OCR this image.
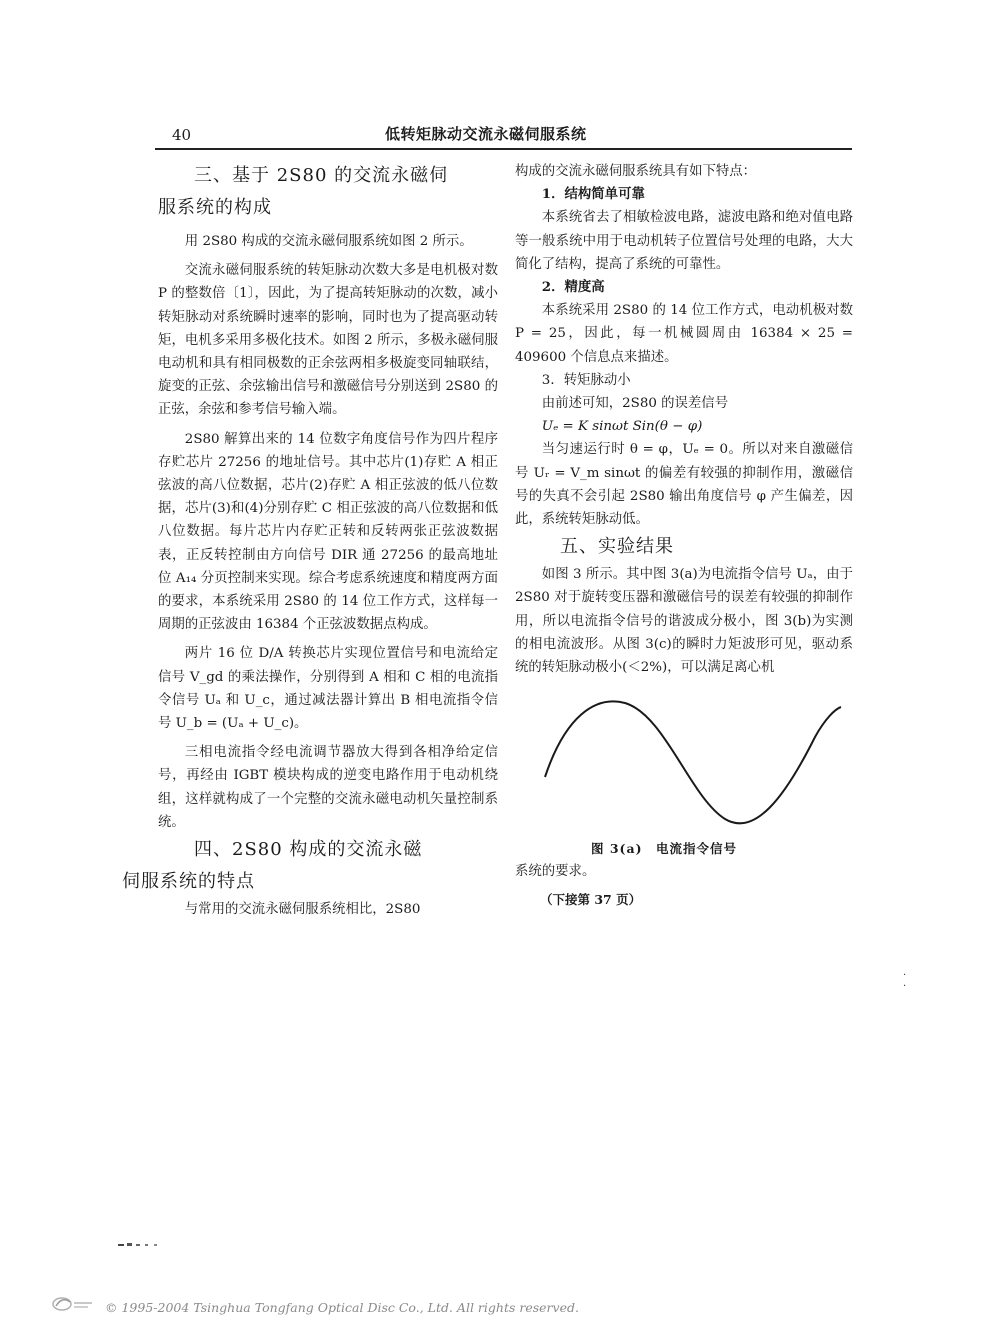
40	低转矩脉动交流永磁伺服系统

三、基于 2S80 的交流永磁伺

服系统的构成

用 2S80 构成的交流永磁伺服系统如图 2 所示。

交流永磁伺服系统的转矩脉动次数大多是电机极对数 P 的整数倍〔1〕，因此，为了提高转矩脉动的次数，减小转矩脉动对系统瞬时速率的影响，同时也为了提高驱动转矩，电机多采用多极化技术。如图 2 所示，多极永磁伺服电动机和具有相同极数的正余弦两相多极旋变同轴联结，旋变的正弦、余弦输出信号和激磁信号分别送到 2S80 的正弦，余弦和参考信号输入端。

2S80 解算出来的 14 位数字角度信号作为四片程序存贮芯片 27256 的地址信号。其中芯片(1)存贮 A 相正弦波的高八位数据，芯片(2)存贮 A 相正弦波的低八位数据，芯片(3)和(4)分别存贮 C 相正弦波的高八位数据和低八位数据。每片芯片内存贮正转和反转两张正弦波数据表，正反转控制由方向信号 DIR 通 27256 的最高地址位 A₁₄ 分页控制来实现。综合考虑系统速度和精度两方面的要求，本系统采用 2S80 的 14 位工作方式，这样每一周期的正弦波由 16384 个正弦波数据点构成。

两片 16 位 D/A 转换芯片实现位置信号和电流给定信号 V_gd 的乘法操作，分别得到 A 相和 C 相的电流指令信号 Uₐ 和 U_c，通过减法器计算出 B 相电流指令信号 U_b = (Uₐ + U_c)。

三相电流指令经电流调节器放大得到各相净给定信号，再经由 IGBT 模块构成的逆变电路作用于电动机绕组，这样就构成了一个完整的交流永磁电动机矢量控制系统。

四、2S80 构成的交流永磁
伺服系统的特点

与常用的交流永磁伺服系统相比，2S80

构成的交流永磁伺服系统具有如下特点：

1．结构简单可靠

本系统省去了相敏检波电路，滤波电路和绝对值电路等一般系统中用于电动机转子位置信号处理的电路，大大简化了结构，提高了系统的可靠性。

2．精度高

本系统采用 2S80 的 14 位工作方式，电动机极对数 P = 25，因此，每一机械圆周由 16384 × 25 = 409600 个信息点来描述。

3．转矩脉动小

由前述可知，2S80 的误差信号

Uₑ = K sinωt Sin(θ − φ)

当匀速运行时 θ = φ，Uₑ = 0。所以对来自激磁信号 Uᵣ = V_m sinωt 的偏差有较强的抑制作用，激磁信号的失真不会引起 2S80 输出角度信号 φ 产生偏差，因此，系统转矩脉动低。

五、实验结果

如图 3 所示。其中图 3(a)为电流指令信号 Uₐ，由于 2S80 对于旋转变压器和激磁信号的误差有较强的抑制作用，所以电流指令信号的谐波成分极小，图 3(b)为实测的相电流波形。从图 3(c)的瞬时力矩波形可见，驱动系统的转矩脉动极小(＜2%)，可以满足离心机

图 3(a)　电流指令信号

系统的要求。

（下接第 37 页）

·
·
© 1995-2004 Tsinghua Tongfang Optical Disc Co., Ltd. All rights reserved.
